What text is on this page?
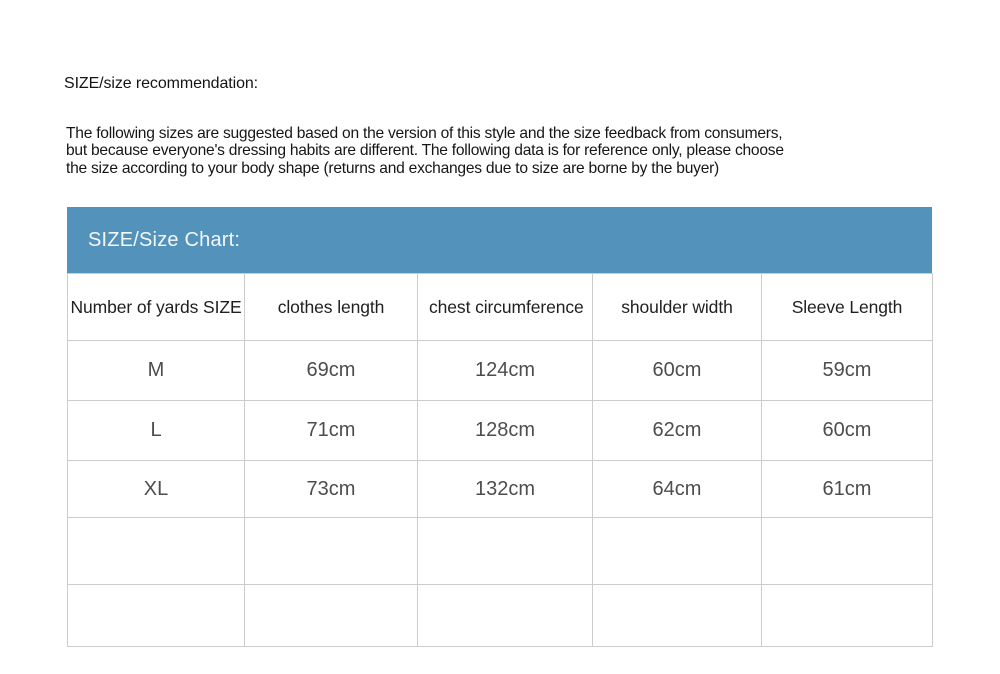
SIZE/size recommendation:
The following sizes are suggested based on the version of this style and the size feedback from consumers,
but because everyone's dressing habits are different. The following data is for reference only, please choose
the size according to your body shape (returns and exchanges due to size are borne by the buyer)
SIZE/Size Chart:
Number of yards SIZE	clothes length	chest circumference	shoulder width	Sleeve Length
M	69cm	124cm	60cm	59cm
L	71cm	128cm	62cm	60cm
XL	73cm	132cm	64cm	61cm
